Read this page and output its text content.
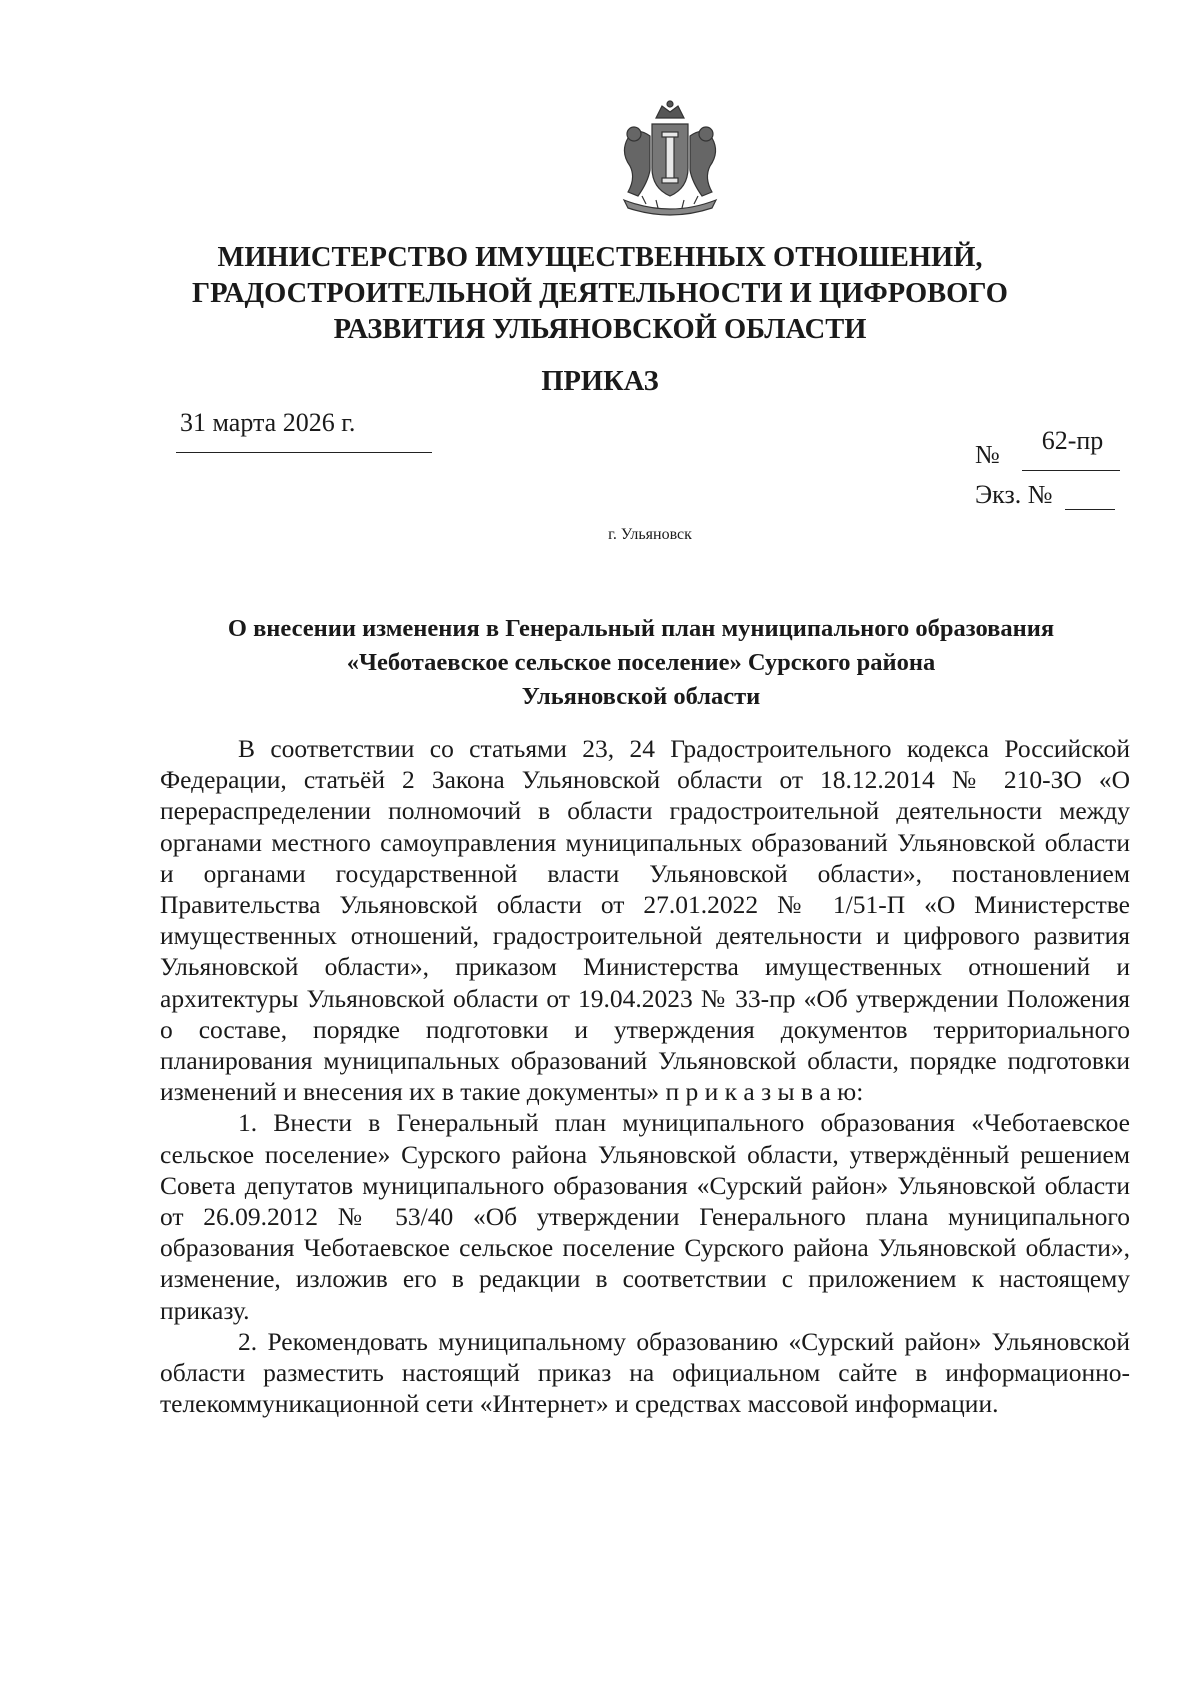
МИНИСТЕРСТВО ИМУЩЕСТВЕННЫХ ОТНОШЕНИЙ,
ГРАДОСТРОИТЕЛЬНОЙ ДЕЯТЕЛЬНОСТИ И ЦИФРОВОГО
РАЗВИТИЯ УЛЬЯНОВСКОЙ ОБЛАСТИ
ПРИКАЗ
31 марта 2026 г.
№	62-пр
Экз. №
г. Ульяновск
О внесении изменения в Генеральный план муниципального образования
«Чеботаевское сельское поселение» Сурского района
Ульяновской области

В соответствии со статьями 23, 24 Градостроительного кодекса Российской Федерации, статьёй 2 Закона Ульяновской области от 18.12.2014 № 210-ЗО «О перераспределении полномочий в области градостроительной деятельности между органами местного самоуправления муниципальных образований Ульяновской области и органами государственной власти Ульяновской области», постановлением Правительства Ульяновской области от 27.01.2022 № 1/51-П «О Министерстве имущественных отношений, градостроительной деятельности и цифрового развития Ульяновской области», приказом Министерства имущественных отношений и архитектуры Ульяновской области от 19.04.2023 № 33-пр «Об утверждении Положения о составе, порядке подготовки и утверждения документов территориального планирования муниципальных образований Ульяновской области, порядке подготовки изменений и внесения их в такие документы» п р и к а з ы в а ю:

1. Внести в Генеральный план муниципального образования «Чеботаевское сельское поселение» Сурского района Ульяновской области, утверждённый решением Совета депутатов муниципального образования «Сурский район» Ульяновской области от 26.09.2012 № 53/40 «Об утверждении Генерального плана муниципального образования Чеботаевское сельское поселение Сурского района Ульяновской области», изменение, изложив его в редакции в соответствии с приложением к настоящему приказу.

2. Рекомендовать муниципальному образованию «Сурский район» Ульяновской области разместить настоящий приказ на официальном сайте в информационно-телекоммуникационной сети «Интернет» и средствах массовой информации.
